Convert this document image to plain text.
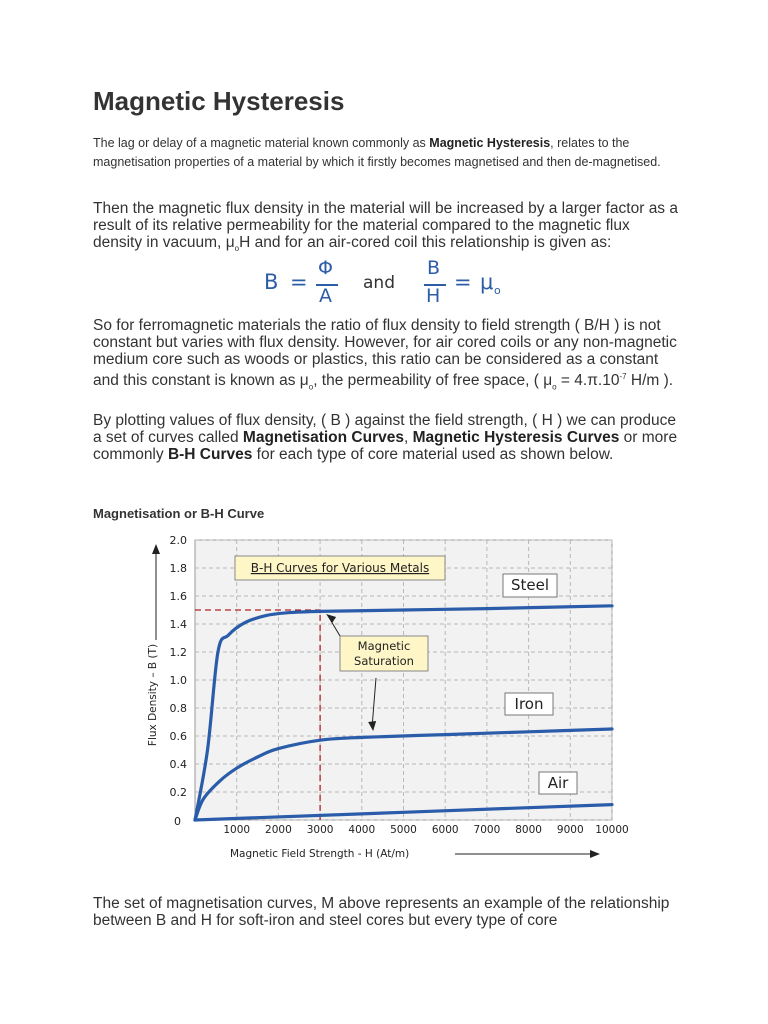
Magnetic Hysteresis

The lag or delay of a magnetic material known commonly as Magnetic Hysteresis, relates to the magnetisation properties of a material by which it firstly becomes magnetised and then de-magnetised.

Then the magnetic flux density in the material will be increased by a larger factor as a result of its relative permeability for the material compared to the magnetic flux density in vacuum, $\mu_oH$ and for an air-cored coil this relationship is given as:

B =
Φ
A
and
B
H
= μ o

So for ferromagnetic materials the ratio of flux density to field strength ( B/H ) is not constant but varies with flux density. However, for air cored coils or any non-magnetic medium core such as woods or plastics, this ratio can be considered as a constant and this constant is known as $\mu_o$, the permeability of free space, ( $\mu_o = 4.\pi.10^{-7}$ H/m ).

By plotting values of flux density, ( B ) against the field strength, ( H ) we can produce a set of curves called Magnetisation Curves, Magnetic Hysteresis Curves or more commonly B-H Curves for each type of core material used as shown below.

Magnetisation or B-H Curve
0.2
0.4
0.6
0.8
1.0
1.2
1.4
1.6
1.8
2.0
0
1000 2000 3000 4000 5000 6000 7000 8000 9000 10000
Flux Density – B (T)
Magnetic Field Strength - H (At/m)
Steel
Iron
Air
B-H Curves for Various Metals
Magnetic
Saturation

The set of magnetisation curves, M above represents an example of the relationship between B and H for soft-iron and steel cores but every type of core
